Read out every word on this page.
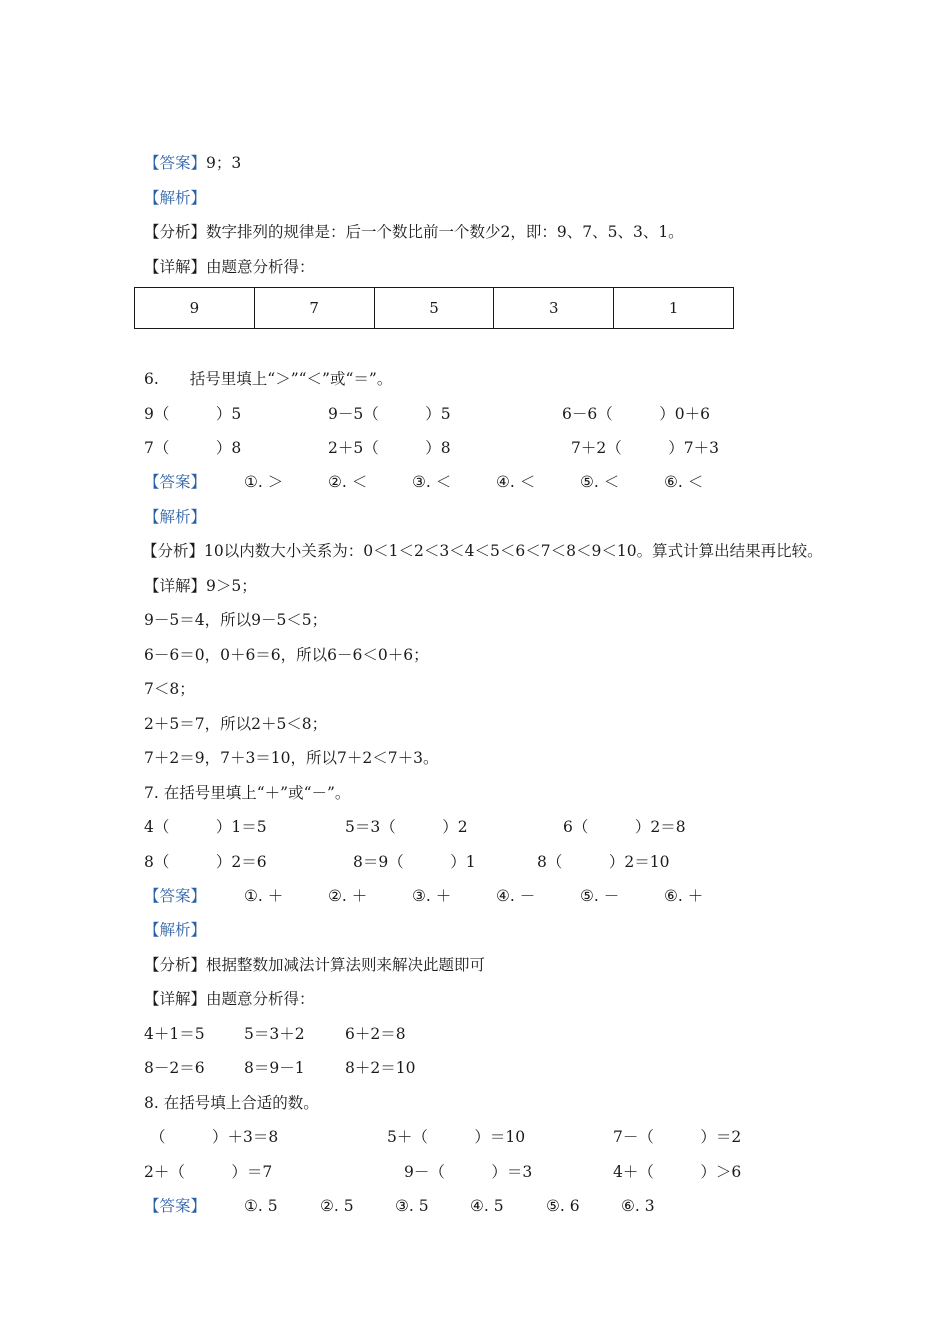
【答案】9；3
【解析】
【分析】数字排列的规律是：后一个数比前一个数少2，即：9、7、5、3、1。
【详解】由题意分析得：
9	7	5	3	1
6.　　括号里填上“＞”“＜”或“＝”。
9（　　　）5	9－5（　　　）5	6－6（　　　）0＋6
7（　　　）8	2＋5（　　　）8	7＋2（　　　）7＋3
【答案】 ①. ＞	②. ＜	③. ＜	④. ＜	⑤. ＜	⑥. ＜
【解析】
【分析】10以内数大小关系为：0＜1＜2＜3＜4＜5＜6＜7＜8＜9＜10。算式计算出结果再比较。
【详解】9＞5；
9－5＝4，所以9－5＜5；
6－6＝0，0＋6＝6，所以6－6＜0＋6；
7＜8；
2＋5＝7，所以2＋5＜8；
7＋2＝9，7＋3＝10，所以7＋2＜7＋3。
7. 在括号里填上“＋”或“－”。
4（　　　）1＝5	5＝3（　　　）2	6（　　　）2＝8
8（　　　）2＝6	8＝9（　　　）1	8（　　　）2＝10
【答案】 ①. ＋	②. ＋	③. ＋	④. －	⑤. －	⑥. ＋
【解析】
【分析】根据整数加减法计算法则来解决此题即可
【详解】由题意分析得：
4＋1＝5	5＝3＋2	6＋2＝8
8－2＝6	8＝9－1	8＋2＝10
8. 在括号填上合适的数。
（　　　）＋3＝8	5＋（　　　）＝10	7－（　　　）＝2
2＋（　　　）＝7	9－（　　　）＝3	4＋（　　　）＞6
【答案】 ①. 5	②. 5	③. 5	④. 5	⑤. 6	⑥. 3
